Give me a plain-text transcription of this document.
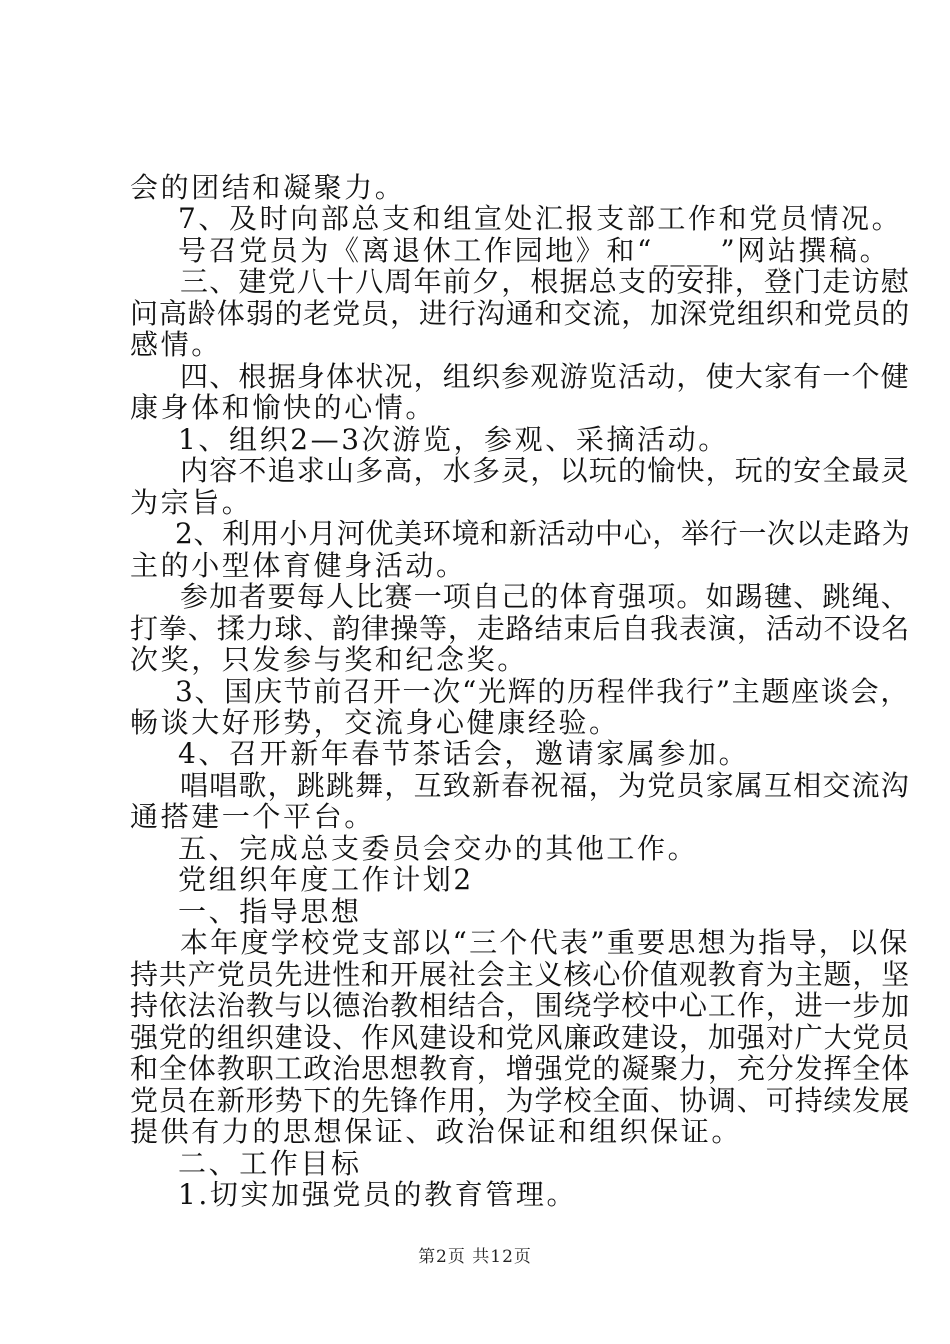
会的团结和凝聚力。
7、及时向部总支和组宣处汇报支部工作和党员情况。
号召党员为《离退休工作园地》和“____”网站撰稿。
三、建党八十八周年前夕，根据总支的安排，登门走访慰
问高龄体弱的老党员，进行沟通和交流，加深党组织和党员的
感情。
四、根据身体状况，组织参观游览活动，使大家有一个健
康身体和愉快的心情。
1、组织2—3次游览，参观、采摘活动。
内容不追求山多高，水多灵，以玩的愉快，玩的安全最灵
为宗旨。
2、利用小月河优美环境和新活动中心，举行一次以走路为
主的小型体育健身活动。
参加者要每人比赛一项自己的体育强项。如踢毽、跳绳、
打拳、揉力球、韵律操等，走路结束后自我表演，活动不设名
次奖，只发参与奖和纪念奖。
3、国庆节前召开一次“光辉的历程伴我行”主题座谈会，
畅谈大好形势，交流身心健康经验。
4、召开新年春节茶话会，邀请家属参加。
唱唱歌，跳跳舞，互致新春祝福，为党员家属互相交流沟
通搭建一个平台。
五、完成总支委员会交办的其他工作。
党组织年度工作计划2
一、指导思想
本年度学校党支部以“三个代表”重要思想为指导，以保
持共产党员先进性和开展社会主义核心价值观教育为主题，坚
持依法治教与以德治教相结合，围绕学校中心工作，进一步加
强党的组织建设、作风建设和党风廉政建设，加强对广大党员
和全体教职工政治思想教育，增强党的凝聚力，充分发挥全体
党员在新形势下的先锋作用，为学校全面、协调、可持续发展
提供有力的思想保证、政治保证和组织保证。
二、工作目标
1.切实加强党员的教育管理。
第2页 共12页
